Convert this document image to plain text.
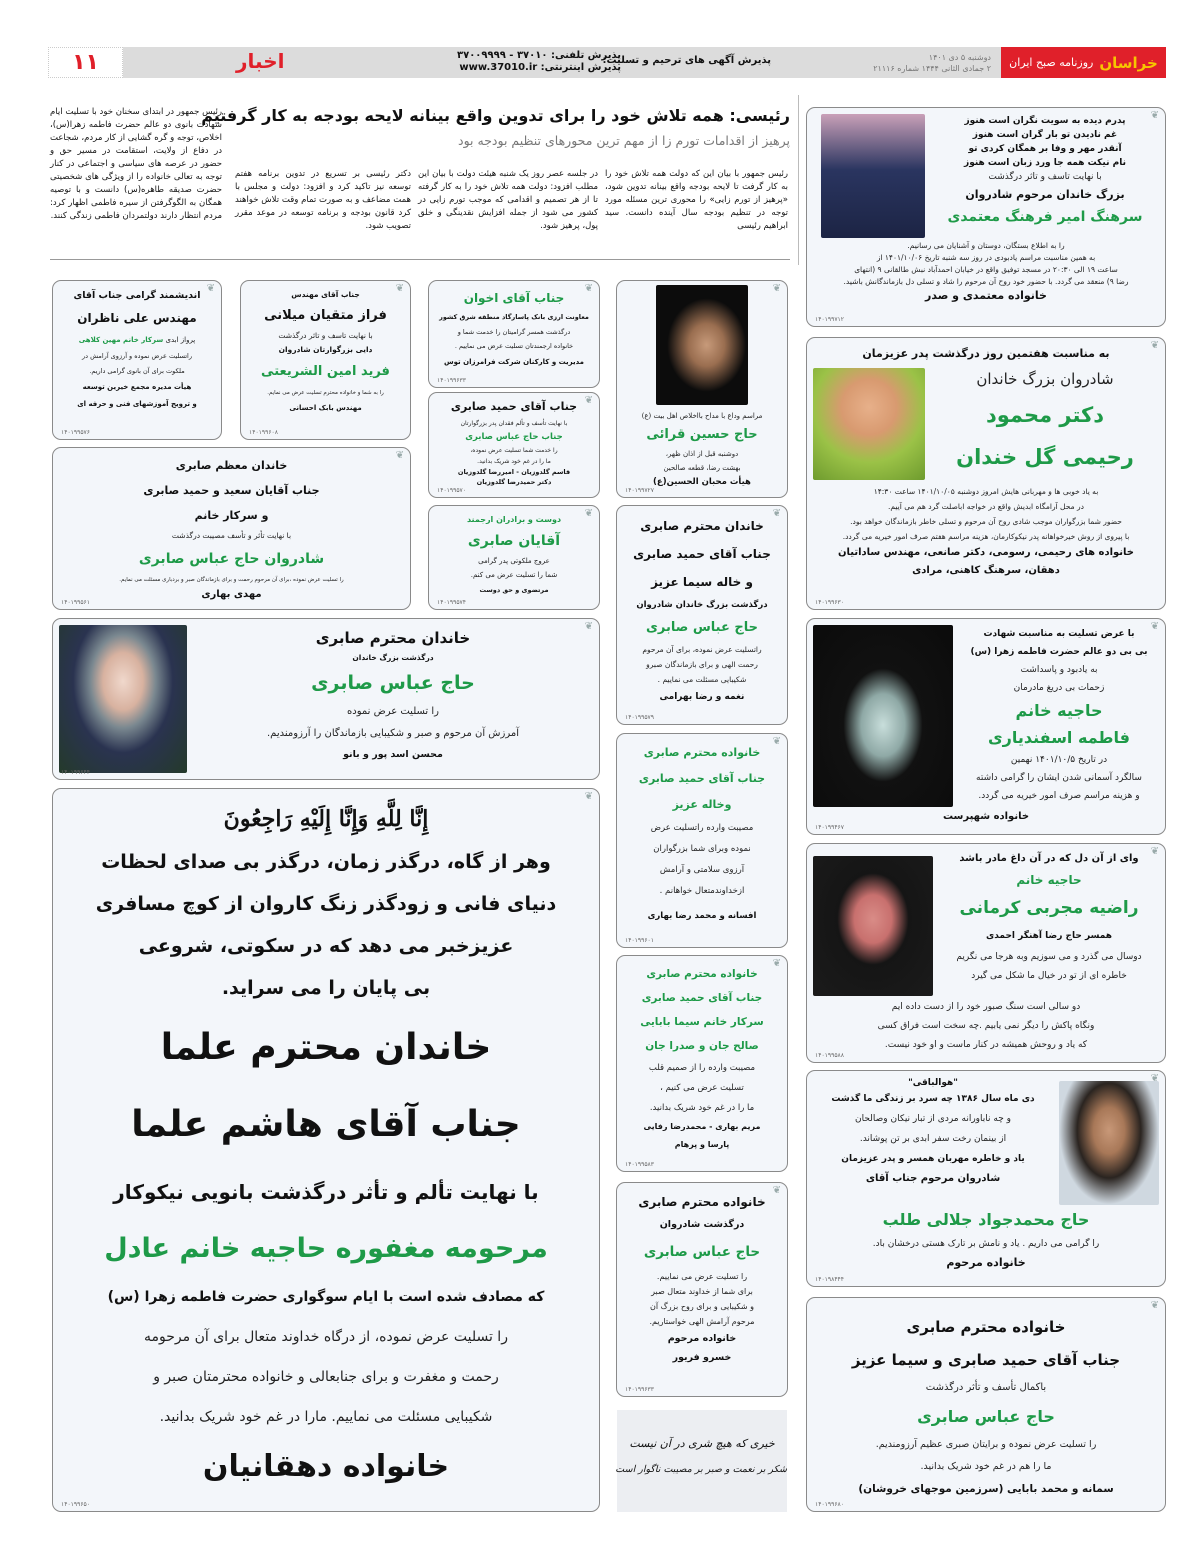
روزنامه صبح ایران خراسان
دوشنبه ۵ دی ۱۴۰۱
۲ جمادی الثانی ۱۴۴۴ شماره ۲۱۱۱۶
پذیرش آگهی های ترحیم و تسلیت:
پذیرش تلفنی: ۳۷۰۱۰ - ۳۷۰۰۹۹۹۹
پذیرش اینترنتی: www.37010.ir
اخبار
۱۱
رئیسی: همه تلاش خود را برای تدوین واقع بینانه لایحه بودجه به کار گرفتیم
پرهیز از اقدامات تورم زا از مهم ترین محورهای تنظیم بودجه بود
رئیس جمهور با بیان این که دولت همه تلاش خود را به کار گرفت تا لایحه بودجه واقع بینانه تدوین شود، «پرهیز از تورم زایی» را محوری ترین مسئله مورد توجه در تنظیم بودجه سال آینده دانست. سید ابراهیم رئیسی
در جلسه عصر روز یک شنبه هیئت دولت با بیان این مطلب افزود: دولت همه تلاش خود را به کار گرفته تا از هر تصمیم و اقدامی که موجب تورم زایی در کشور می شود از جمله افزایش نقدینگی و خلق پول، پرهیز شود.
دکتر رئیسی بر تسریع در تدوین برنامه هفتم توسعه نیز تاکید کرد و افزود: دولت و مجلس با همت مضاعف و به صورت تمام وقت تلاش خواهند کرد قانون بودجه و برنامه توسعه در موعد مقرر تصویب شود.
رئیس جمهور در ابتدای سخنان خود با تسلیت ایام شهادت بانوی دو عالم حضرت فاطمه زهرا(س)، اخلاص، توجه و گره گشایی از کار مردم، شجاعت در دفاع از ولایت، استقامت در مسیر حق و حضور در عرصه های سیاسی و اجتماعی در کنار توجه به تعالی خانواده را از ویژگی های شخصیتی حضرت صدیقه طاهره(س) دانست و با توصیه همگان به الگوگرفتن از سیره فاطمی اظهار کرد: مردم انتظار دارند دولتمردان فاطمی زندگی کنند.
پدرم دیده به سویت نگران است هنوز
غم نادیدن تو بار گران است هنوز
آنقدر مهر و وفا بر همگان کردی تو
نام نیکت همه جا ورد زبان است هنوز
با نهایت تاسف و تاثر درگذشت
بزرگ خاندان مرحوم شادروان
سرهنگ امیر فرهنگ معتمدی
را به اطلاع بستگان، دوستان و آشنایان می رسانیم.
به همین مناسبت مراسم یادبودی در روز سه شنبه تاریخ ۱۴۰۱/۱۰/۰۶ از
ساعت ۱۹ الی ۲۰:۳۰ در مسجد توفیق واقع در خیابان احمدآباد نبش طالقانی ۹ (انتهای
رضا ۹) منعقد می گردد. با حضور خود روح آن مرحوم را شاد و تسلی دل بازماندگانش باشید.
خانواده معتمدی و صدر
۱۴۰۱۹۹۷۱۲
❦
به مناسبت هفتمین روز درگذشت پدر عزیزمان
شادروان بزرگ خاندان
دکتر محمود
رحیمی گل خندان
به یاد خوبی ها و مهربانی هایش امروز دوشنبه ۱۴۰۱/۱۰/۰۵ ساعت ۱۴:۳۰
در محل آرامگاه ابدیش واقع در خواجه اباصلت گرد هم می آییم.
حضور شما بزرگواران موجب شادی روح آن مرحوم و تسلی خاطر بازماندگان خواهد بود.
با پیروی از روش خیرخواهانه پدر نیکوکارمان، هزینه مراسم هفتم صرف امور خیریه می گردد.
خانواده های رحیمی، رسومی، دکتر صانعی، مهندس ساداتیان
دهقان، سرهنگ کاهنی، مرادی
۱۴۰۱۹۹۶۳۰
❦
با عرض تسلیت به مناسبت شهادت
بی بی دو عالم حضرت فاطمه زهرا (س)
به یادبود و پاسداشت
زحمات بی دریغ مادرمان
حاجیه خانم
فاطمه اسفندیاری
در تاریخ ۱۴۰۱/۱۰/۵ نهمین
سالگرد آسمانی شدن ایشان را گرامی داشته
و هزینه مراسم صرف امور خیریه می گردد.
خانواده شهپرست
۱۴۰۱۹۹۴۶۷
❦
وای از آن دل که در آن داغ مادر باشد
حاجیه خانم
راضیه مجربی کرمانی
همسر حاج رضا آهنگر احمدی
دوسال می گذرد و می سوزیم وبه هرجا می نگریم
خاطره ای از تو در خیال ما شکل می گیرد
دو سالی است سنگ صبور خود را از دست داده ایم
ونگاه پاکش را دیگر نمی یابیم .چه سخت است فراق کسی
که یاد و روحش همیشه در کنار ماست و او خود نیست.
۱۴۰۱۹۹۵۸۸
❦
"هوالباقی"
دی ماه سال ۱۳۸۶ چه سرد بر زندگی ما گذشت
و چه ناباورانه مردی از تبار نیکان وصالحان
از بینمان رخت سفر ابدی بر تن پوشاند.
یاد و خاطره مهربان همسر و پدر عزیزمان
شادروان مرحوم جناب آقای
حاج محمدجواد جلالی طلب
را گرامی می داریم . یاد و نامش بر تارک هستی درخشان باد.
خانواده مرحوم
۱۴۰۱۹۸۴۴۴
❦
خانواده محترم صابری
جناب آقای حمید صابری و سیما عزیز
باکمال تأسف و تأثر درگذشت
حاج عباس صابری
را تسلیت عرض نموده و برایتان صبری عظیم آرزومندیم.
ما را هم در غم خود شریک بدانید.
سمانه و محمد بابایی (سرزمین موجهای خروشان)
۱۴۰۱۹۹۶۸۰
❦
مراسم وداع با مداح بااخلاص اهل بیت (ع)
حاج حسین قرائی
دوشنبه قبل از اذان ظهر،
بهشت رضا، قطعه صالحین
هیأت محبان الحسین(ع)
۱۴۰۱۹۹۷۲۷
❦
خاندان محترم صابری
جناب آقای حمید صابری
و خاله سیما عزیز
درگذشت بزرگ خاندان شادروان
حاج عباس صابری
راتسلیت عرض نموده، برای آن مرحوم
رحمت الهی و برای بازماندگان صبرو
شکیبایی مسئلت می نماییم .
نغمه و رضا بهرامی
۱۴۰۱۹۹۵۷۹
❦
خانواده محترم صابری
جناب آقای حمید صابری
وخاله عزیز
مصیبت وارده راتسلیت عرض
نموده وبرای شما بزرگواران
آرزوی سلامتی و آرامش
ازخداوندمتعال خواهانم .
افسانه و محمد رضا بهاری
۱۴۰۱۹۹۶۰۱
❦
خانواده محترم صابری
جناب آقای حمید صابری
سرکار خانم سیما بابایی
صالح جان و صدرا جان
مصیبت وارده را از صمیم قلب
تسلیت عرض می کنیم ،
ما را در غم خود شریک بدانید.
مریم بهاری - محمدرضا رفایی
پارسا و پرهام
۱۴۰۱۹۹۵۸۳
❦
خانواده محترم صابری
درگذشت شادروان
حاج عباس صابری
را تسلیت عرض می نماییم.
برای شما از خداوند متعال صبر
و شکیبایی و برای روح بزرگ آن
مرحوم آرامش الهی خواستاریم.
خانواده مرحوم
خسرو فریور
۱۴۰۱۹۹۶۳۳
❦
خیری که هیچ شری در آن نیست
شکر بر نعمت و صبر بر مصیبت ناگوار است
جناب آقای اخوان
معاونت ارزی بانک پاسارگاد منطقه شرق کشور
درگذشت همسر گرامیتان را خدمت شما و
خانواده ارجمندتان تسلیت عرض می نماییم .
مدیریت و کارکنان شرکت فرامرزان توس
۱۴۰۱۹۹۶۳۳
❦
جناب آقای حمید صابری
با نهایت تأسف و تألم فقدان پدر بزرگوارتان
جناب حاج عباس صابری
را خدمت شما تسلیت عرض نموده،
ما را در غم خود شریک بدانید.
قاسم گلدوزیان - امیررضا گلدوزیان
دکتر حمیدرضا گلدوزیان
۱۴۰۱۹۹۵۷۰
❦
دوست و برادران ارجمند
آقایان صابری
عروج ملکوتی پدر گرامی
شما را تسلیت عرض می کنم.
مرتضوی و حق دوست
۱۴۰۱۹۹۵۷۴
❦
جناب آقای مهندس
فراز متقیان میلانی
با نهایت تاسف و تاثر درگذشت
دایی بزرگوارتان شادروان
فرید امین الشریعتی
را به شما و خانواده محترم تسلیت عرض می نمایم.
مهندس بابک احسانی
۱۴۰۱۹۹۶۰۸
❦
اندیشمند گرامی جناب آقای
مهندس علی ناظران
پرواز ابدی سرکار خانم مهین کلاهی
راتسلیت عرض نموده و آرزوی آرامش در
ملکوت برای آن بانوی گرامی داریم.
هیأت مدیره مجمع خیرین توسعه
و ترویج آموزشهای فنی و حرفه ای
۱۴۰۱۹۹۵۷۶
❦
خاندان معظم صابری
جناب آقایان سعید و حمید صابری
و سرکار خانم
با نهایت تأثر و تأسف مصیبت درگذشت
شادروان حاج عباس صابری
را تسلیت عرض نموده ،برای آن مرحوم رحمت و برای بازماندگان صبر و بردباری مسئلت می نمایم.
مهدی بهاری
۱۴۰۱۹۹۵۶۱
❦
خاندان محترم صابری
درگذشت بزرگ خاندان
حاج عباس صابری
را تسلیت عرض نموده
آمرزش آن مرحوم و صبر و شکیبایی بازماندگان را آرزومندیم.
محسن اسد پور و بانو
۱۴۰۱۹۹۶۴۴
❦
إِنَّا لِلَّهِ وَإِنَّا إِلَيْهِ رَاجِعُونَ
وهر از گاه، درگذر زمان، درگذر بی صدای لحظات
دنیای فانی و زودگذر زنگ کاروان از کوچ مسافری
عزیزخبر می دهد که در سکوتی، شروعی
بی پایان را می سراید.
خاندان محترم علما
جناب آقای هاشم علما
با نهایت تألم و تأثر درگذشت بانویی نیکوکار
مرحومه مغفوره حاجیه خانم عادل
که مصادف شده است با ایام سوگواری حضرت فاطمه زهرا (س)
را تسلیت عرض نموده، از درگاه خداوند متعال برای آن مرحومه
رحمت و مغفرت و برای جنابعالی و خانواده محترمتان صبر و
شکیبایی مسئلت می نماییم. مارا در غم خود شریک بدانید.
خانواده دهقانیان
۱۴۰۱۹۹۶۵۰
❦
